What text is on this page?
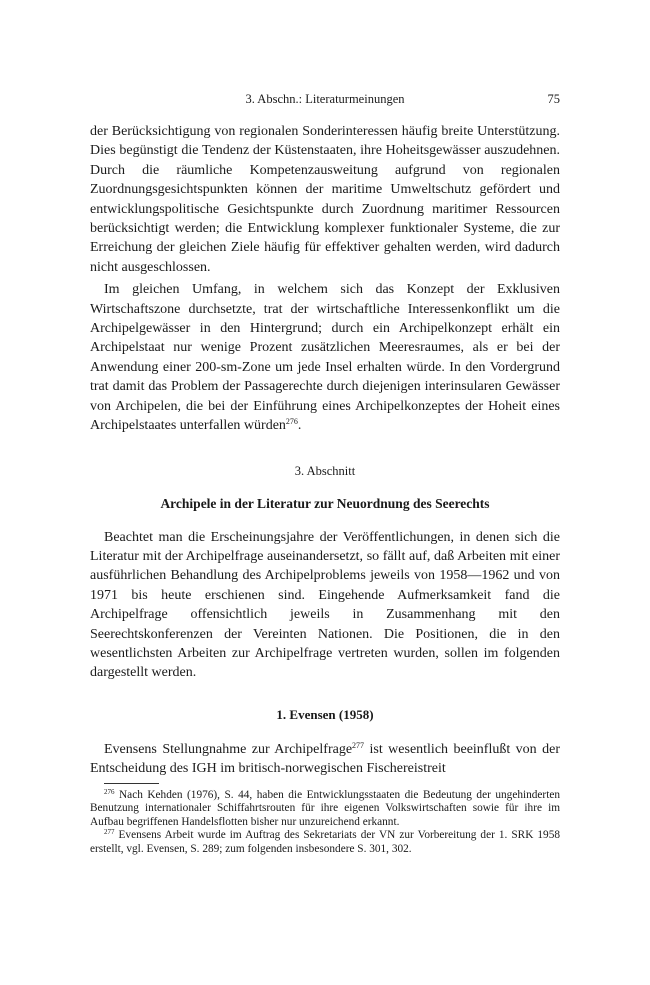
3. Abschn.: Literaturmeinungen	75

der Berücksichtigung von regionalen Sonderinteressen häufig breite Unterstützung. Dies begünstigt die Tendenz der Küstenstaaten, ihre Hoheitsgewässer auszudehnen. Durch die räumliche Kompetenzausweitung aufgrund von regionalen Zuordnungsgesichtspunkten können der maritime Umweltschutz gefördert und entwicklungspolitische Gesichtspunkte durch Zuordnung maritimer Ressourcen berücksichtigt werden; die Entwicklung komplexer funktionaler Systeme, die zur Erreichung der gleichen Ziele häufig für effektiver gehalten werden, wird dadurch nicht ausgeschlossen.

Im gleichen Umfang, in welchem sich das Konzept der Exklusiven Wirtschaftszone durchsetzte, trat der wirtschaftliche Interessenkonflikt um die Archipelgewässer in den Hintergrund; durch ein Archipelkonzept erhält ein Archipelstaat nur wenige Prozent zusätzlichen Meeresraumes, als er bei der Anwendung einer 200-sm-Zone um jede Insel erhalten würde. In den Vordergrund trat damit das Problem der Passagerechte durch diejenigen interinsularen Gewässer von Archipelen, die bei der Einführung eines Archipelkonzeptes der Hoheit eines Archipelstaates unterfallen würden$^{276}$.

3. Abschnitt
Archipele in der Literatur zur Neuordnung des Seerechts

Beachtet man die Erscheinungsjahre der Veröffentlichungen, in denen sich die Literatur mit der Archipelfrage auseinandersetzt, so fällt auf, daß Arbeiten mit einer ausführlichen Behandlung des Archipelproblems jeweils von 1958—1962 und von 1971 bis heute erschienen sind. Eingehende Aufmerksamkeit fand die Archipelfrage offensichtlich jeweils in Zusammenhang mit den Seerechtskonferenzen der Vereinten Nationen. Die Positionen, die in den wesentlichsten Arbeiten zur Archipelfrage vertreten wurden, sollen im folgenden dargestellt werden.

1. Evensen (1958)

Evensens Stellungnahme zur Archipelfrage$^{277}$ ist wesentlich beeinflußt von der Entscheidung des IGH im britisch-norwegischen Fischereistreit

$^{276}$ Nach Kehden (1976), S. 44, haben die Entwicklungsstaaten die Bedeutung der ungehinderten Benutzung internationaler Schiffahrtsrouten für ihre eigenen Volkswirtschaften sowie für ihre im Aufbau begriffenen Handelsflotten bisher nur unzureichend erkannt.

$^{277}$ Evensens Arbeit wurde im Auftrag des Sekretariats der VN zur Vorbereitung der 1. SRK 1958 erstellt, vgl. Evensen, S. 289; zum folgenden insbesondere S. 301, 302.
